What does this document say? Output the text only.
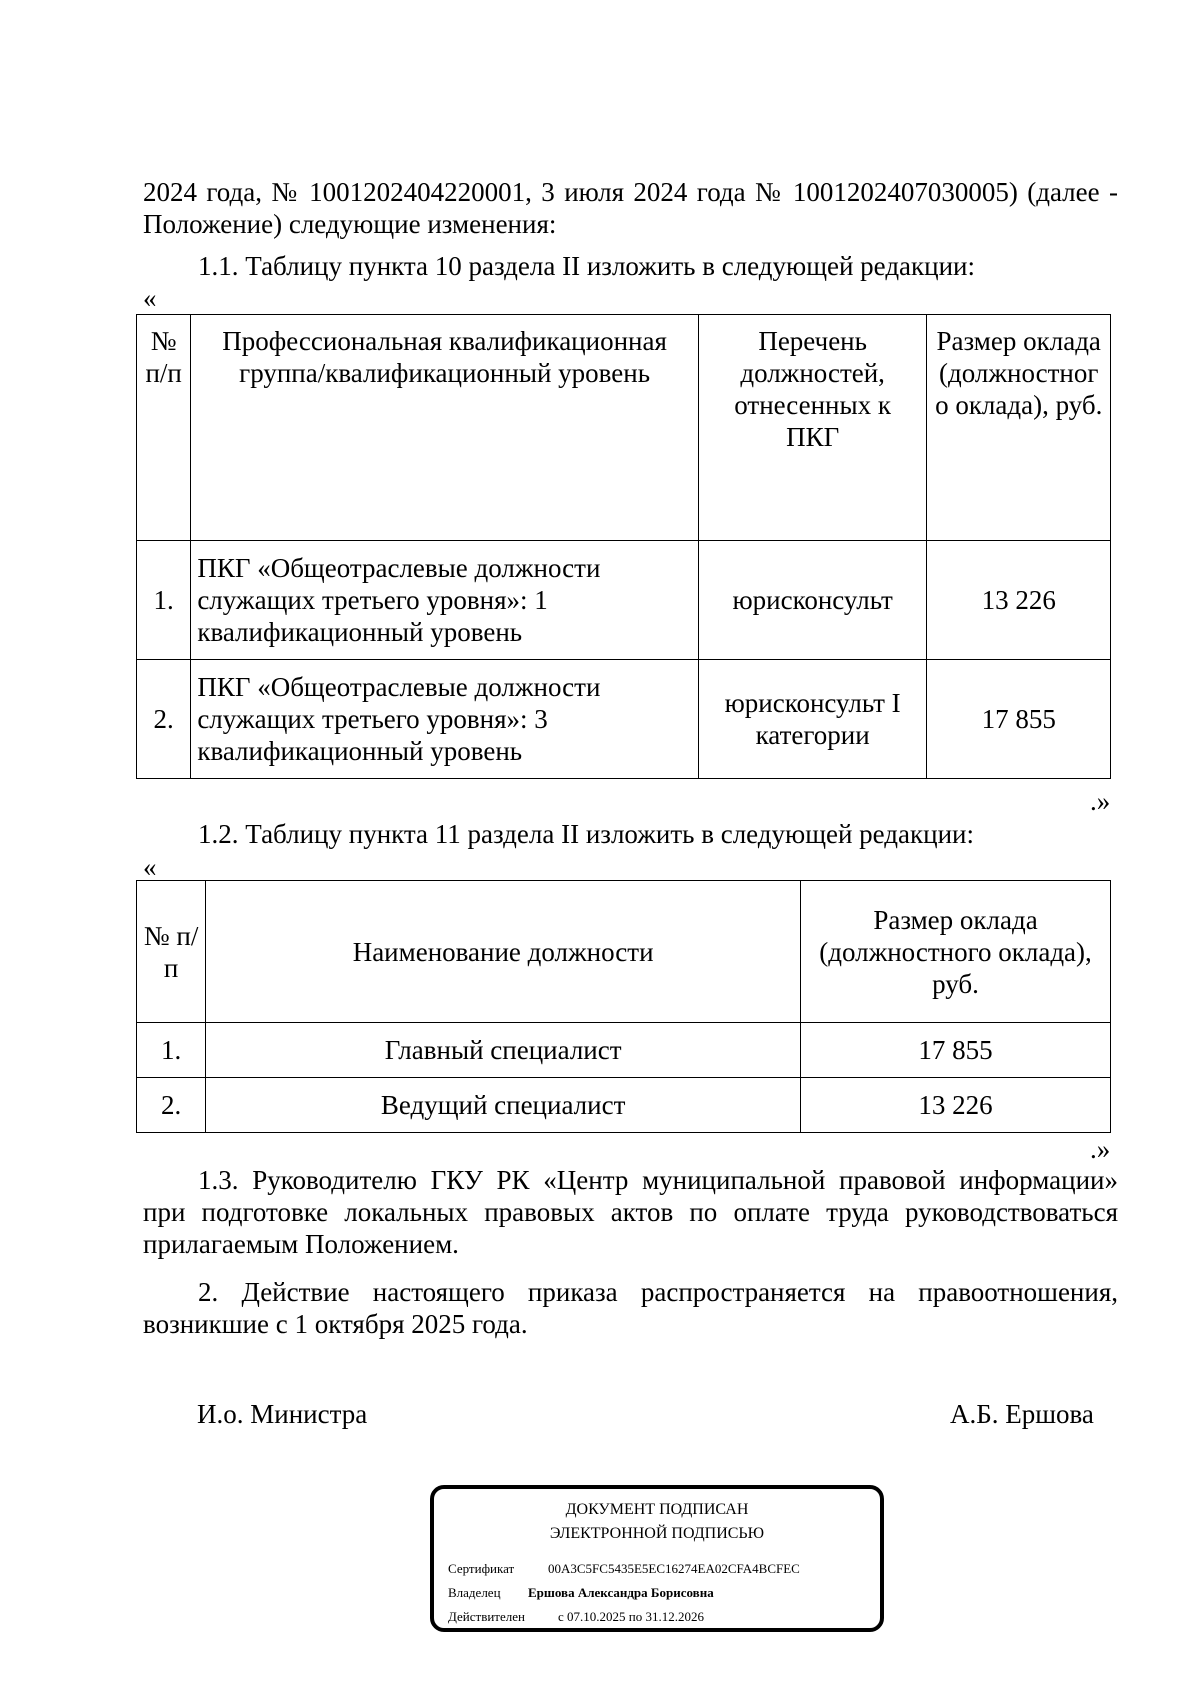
2024 года, № 1001202404220001, 3 июля 2024 года № 1001202407030005) (далее - Положение) следующие изменения:
1.1. Таблицу пункта 10 раздела II изложить в следующей редакции:
«
№ п/п	Профессиональная квалификационная группа/квалификационный уровень	Перечень должностей, отнесенных к ПКГ	Размер оклада (должностног о оклада), руб.
1.	ПКГ «Общеотраслевые должности служащих третьего уровня»: 1 квалификационный уровень	юрисконсульт	13 226
2.	ПКГ «Общеотраслевые должности служащих третьего уровня»: 3 квалификационный уровень	юрисконсульт I категории	17 855
.»
1.2. Таблицу пункта 11 раздела II изложить в следующей редакции:
«
№ п/п	Наименование должности	Размер оклада (должностного оклада), руб.
1.	Главный специалист	17 855
2.	Ведущий специалист	13 226
.»
1.3. Руководителю ГКУ РК «Центр муниципальной правовой информации» при подготовке локальных правовых актов по оплате труда руководствоваться прилагаемым Положением.
2. Действие настоящего приказа распространяется на правоотношения, возникшие с 1 октября 2025 года.
И.о. Министра	А.Б. Ершова
ДОКУМЕНТ ПОДПИСАН
ЭЛЕКТРОННОЙ ПОДПИСЬЮ
Сертификат	00A3C5FC5435E5EC16274EA02CFA4BCFEC
Владелец Ершова Александра Борисовна
Действителен	с 07.10.2025 по 31.12.2026
